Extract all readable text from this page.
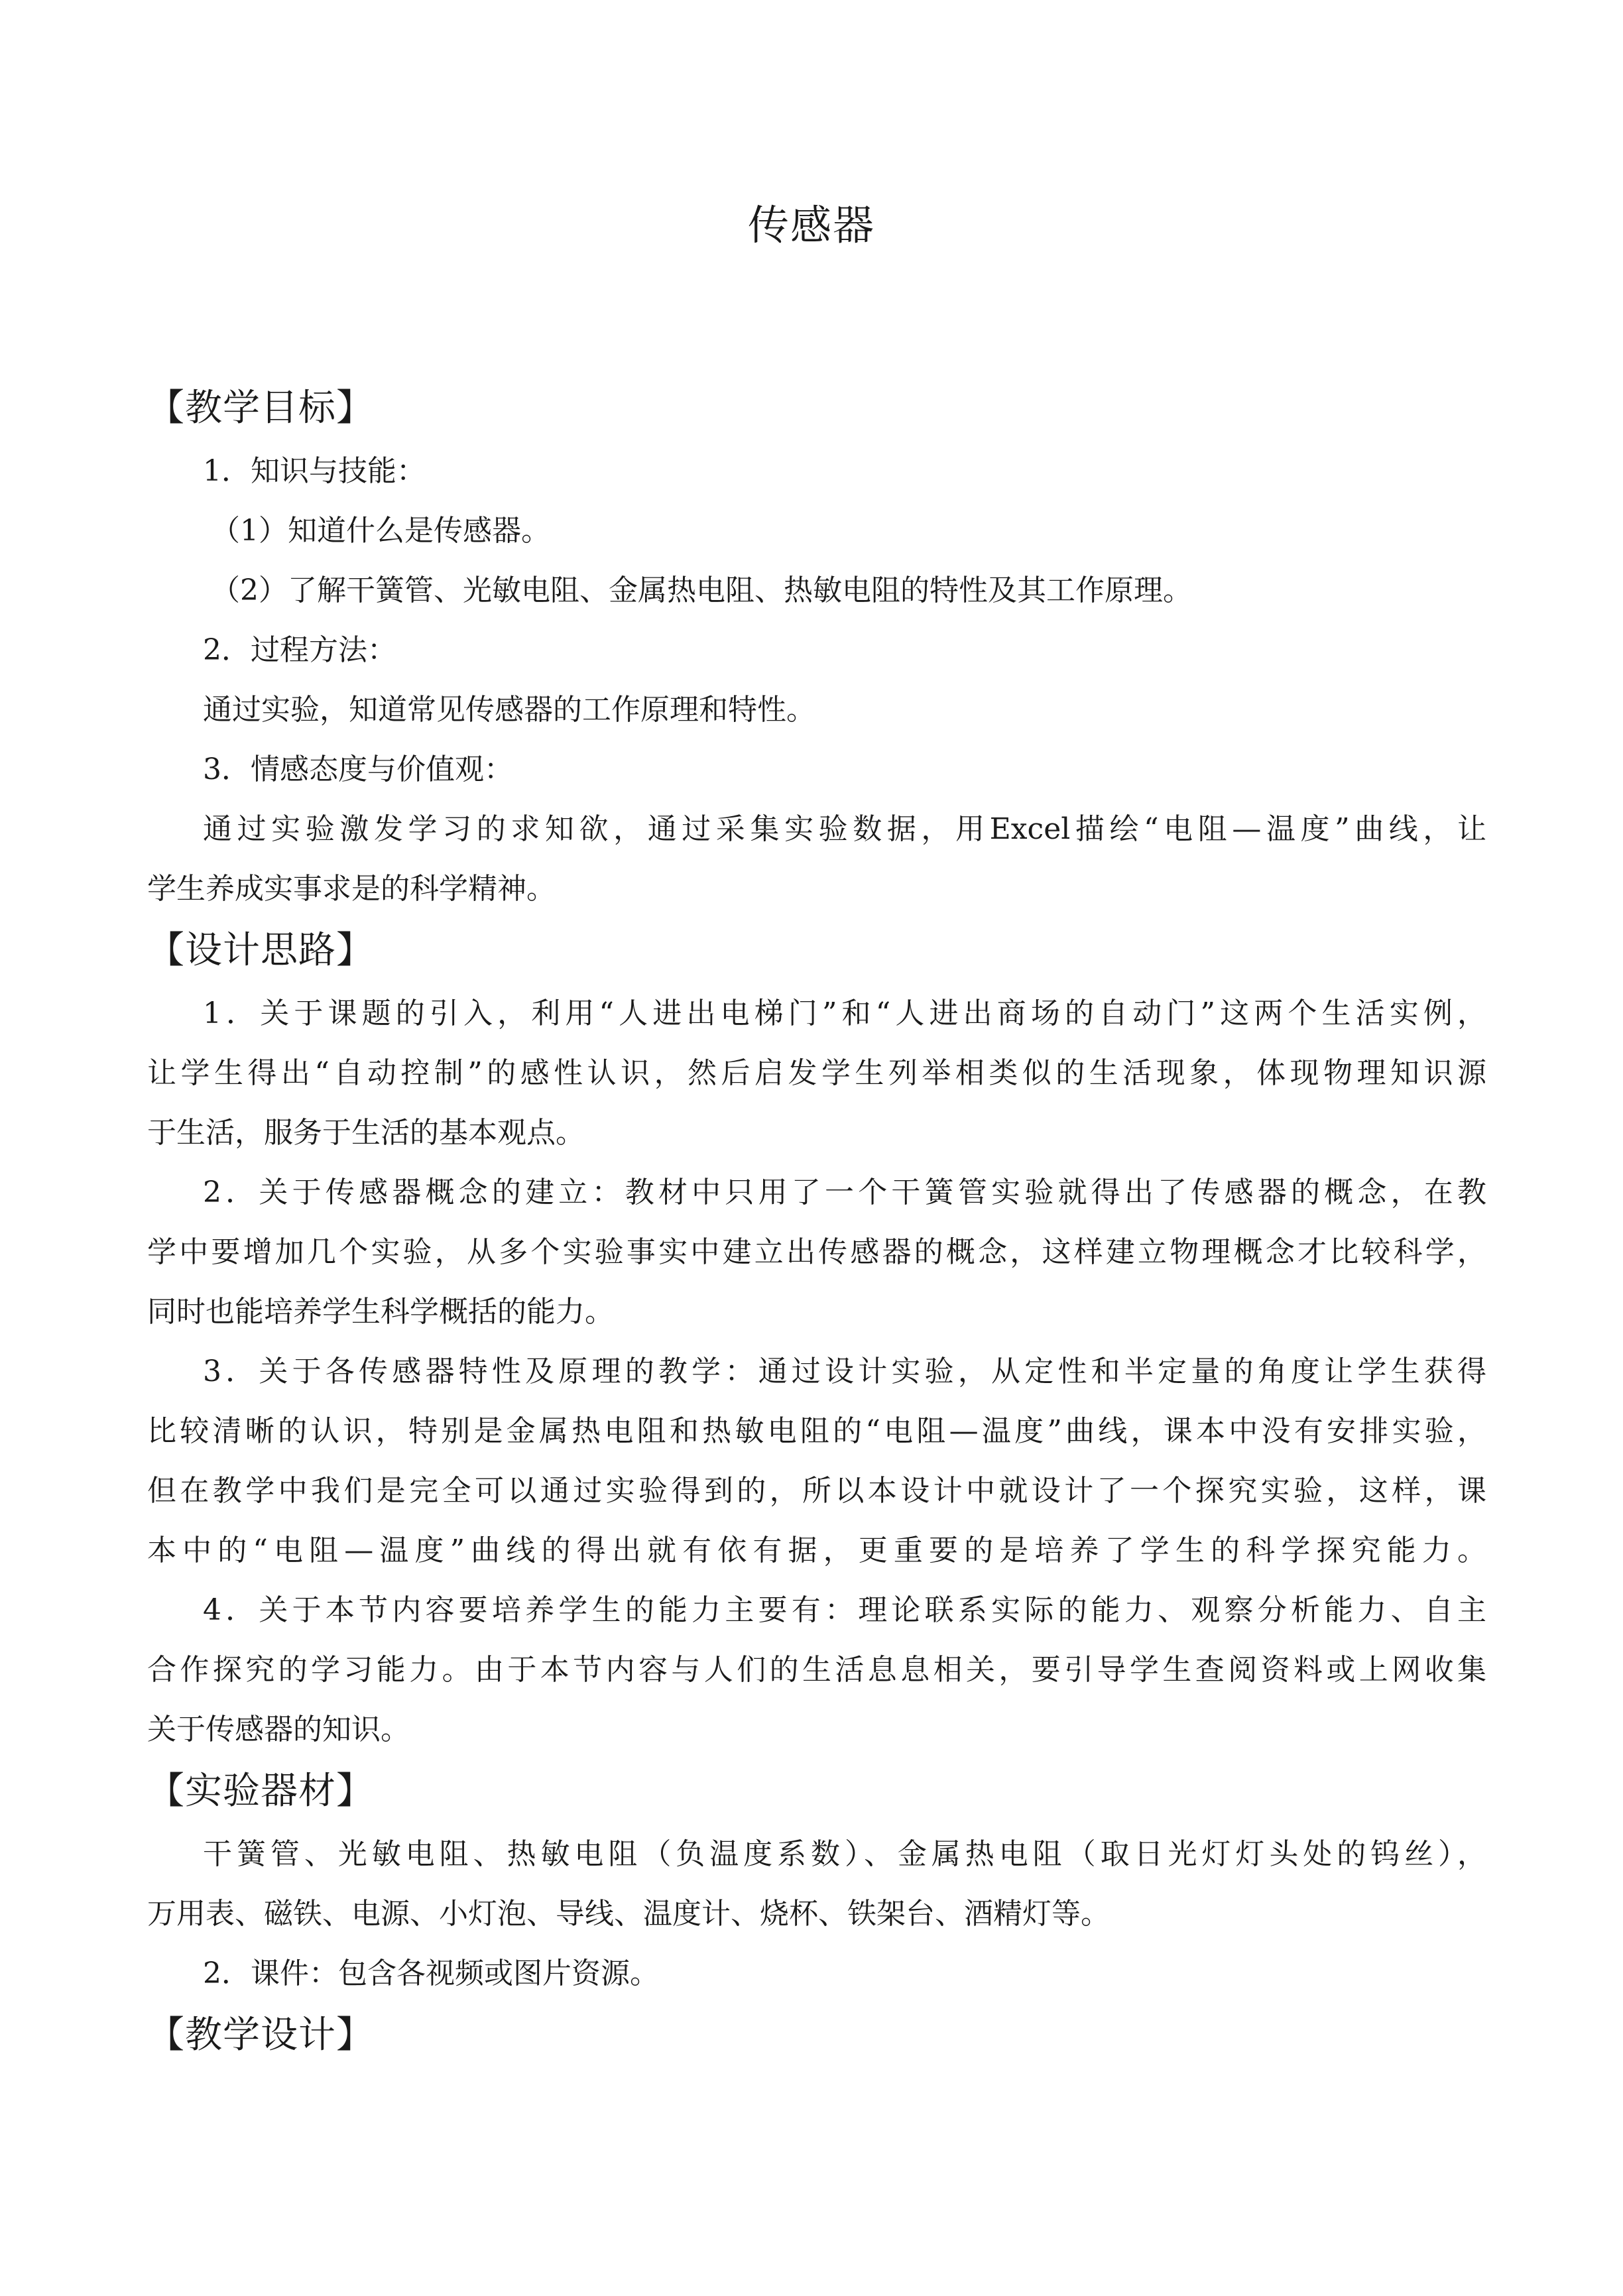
传感器
【教学目标】
1．知识与技能：
（1）知道什么是传感器。
（2）了解干簧管、光敏电阻、金属热电阻、热敏电阻的特性及其工作原理。
2．过程方法：
通过实验，知道常见传感器的工作原理和特性。
3．情感态度与价值观：
通过实验激发学习的求知欲，通过采集实验数据，用Excel描绘“电阻—温度”曲线，让
学生养成实事求是的科学精神。
【设计思路】
1．关于课题的引入，利用“人进出电梯门”和“人进出商场的自动门”这两个生活实例，
让学生得出“自动控制”的感性认识，然后启发学生列举相类似的生活现象，体现物理知识源
于生活，服务于生活的基本观点。
2．关于传感器概念的建立：教材中只用了一个干簧管实验就得出了传感器的概念，在教
学中要增加几个实验，从多个实验事实中建立出传感器的概念，这样建立物理概念才比较科学，
同时也能培养学生科学概括的能力。
3．关于各传感器特性及原理的教学：通过设计实验，从定性和半定量的角度让学生获得
比较清晰的认识，特别是金属热电阻和热敏电阻的“电阻—温度”曲线，课本中没有安排实验，
但在教学中我们是完全可以通过实验得到的，所以本设计中就设计了一个探究实验，这样，课
本中的“电阻—温度”曲线的得出就有依有据，更重要的是培养了学生的科学探究能力。
4．关于本节内容要培养学生的能力主要有：理论联系实际的能力、观察分析能力、自主
合作探究的学习能力。由于本节内容与人们的生活息息相关，要引导学生查阅资料或上网收集
关于传感器的知识。
【实验器材】
干簧管、光敏电阻、热敏电阻（负温度系数）、金属热电阻（取日光灯灯头处的钨丝），
万用表、磁铁、电源、小灯泡、导线、温度计、烧杯、铁架台、酒精灯等。
2．课件：包含各视频或图片资源。
【教学设计】
